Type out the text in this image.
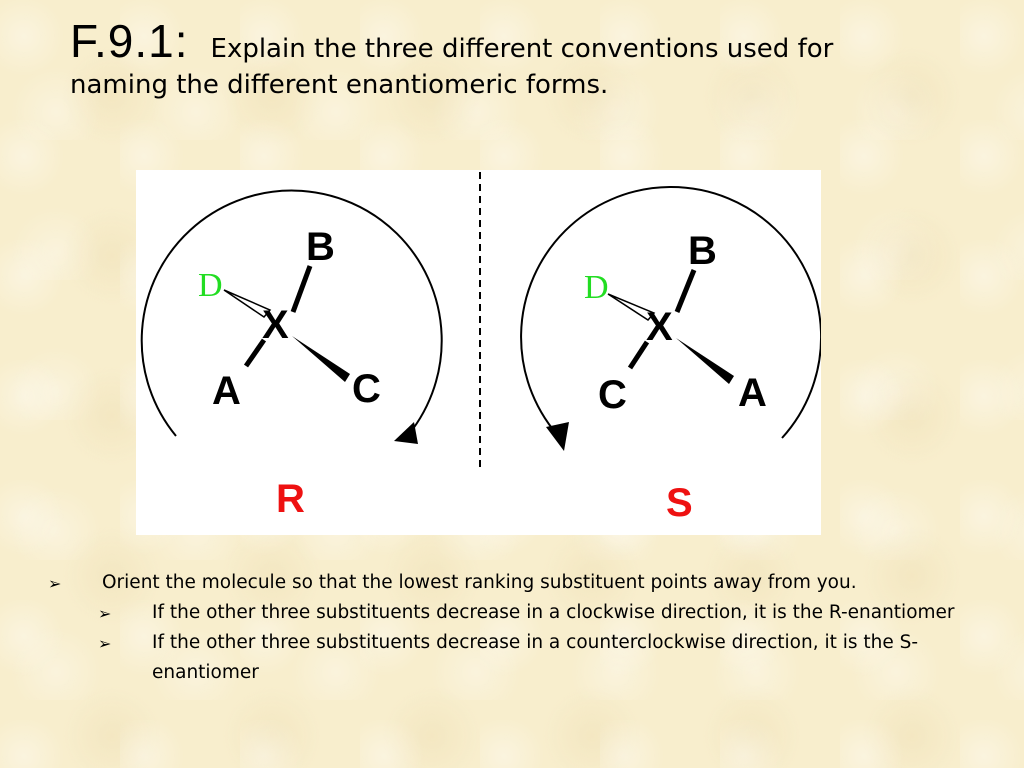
F.9.1: Explain the three different conventions used for
naming the different enantiomeric forms.
B
X
D
A	C
R
B
X
D
C	A
S
➢ Orient the molecule so that the lowest ranking substituent points away from you.
➢ If the other three substituents decrease in a clockwise direction, it is the R-enantiomer
➢ If the other three substituents decrease in a counterclockwise direction, it is the S-enantiomer
